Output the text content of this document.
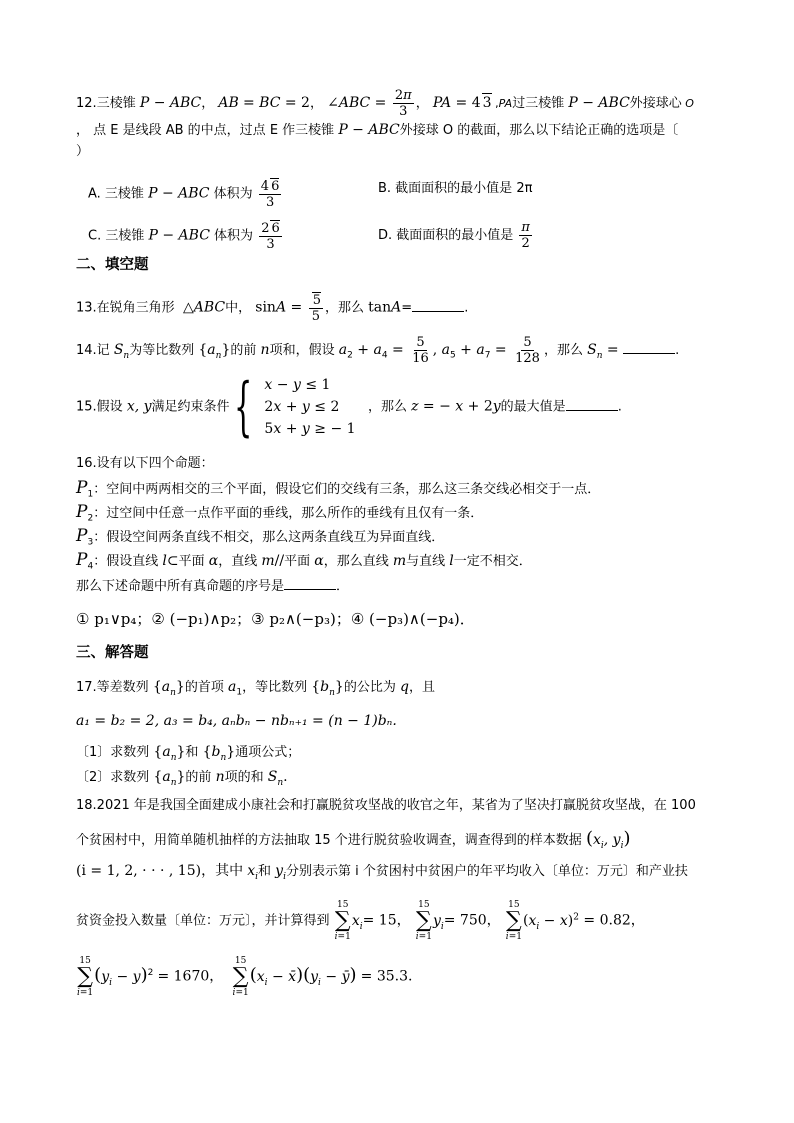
12.三棱锥 P − ABC， AB = BC = 2， ∠ABC = $\frac{2\pi}{3}$ ， PA = 4 3 ,PA过三棱锥 P − ABC外接球心 O
， 点 E 是线段 AB 的中点，过点 E 作三棱锥 P − ABC外接球 O 的截面，那么以下结论正确的选项是〔
）
A. 三棱锥 P − ABC 体积为 $\frac{4 6}{3}$	B. 截面面积的最小值是 2π
C. 三棱锥 P − ABC 体积为 $\frac{2 6}{3}$	D. 截面面积的最小值是 $\frac{\pi}{2}$
二、填空题
13.在锐角三角形 △ABC中， $\sin A = \frac{5}{5}$ ，那么 tanA=	.
14.记 $S_n$为等比数列 $\{a_n\}$的前 n项和，假设 $a_2 + a_4 = \frac{5}{16}$ , $a_5 + a_7 = \frac{5}{128}$ ，那么 $S_n$ =	.
15.假设 x, y满足约束条件 { x − y ≤ 1
2x + y ≤ 2
5x + y ≥ − 1
，那么 z = − x + 2y的最大值是	.
16.设有以下四个命题：
$P_1$：空间中两两相交的三个平面，假设它们的交线有三条，那么这三条交线必相交于一点．
$P_2$：过空间中任意一点作平面的垂线，那么所作的垂线有且仅有一条．
$P_3$：假设空间两条直线不相交，那么这两条直线互为异面直线．
$P_4$：假设直线 l⊂平面 α，直线 m//平面 α，那么直线 m与直线 l一定不相交．
那么下述命题中所有真命题的序号是	．
① p₁∨p₄；② (−p₁)∧p₂；③ p₂∧(−p₃)；④ (−p₃)∧(−p₄)．
三、解答题
17.等差数列 $\{a_n\}$的首项 $a_1$，等比数列 $\{b_n\}$的公比为 q，且
a₁ = b₂ = 2, a₃ = b₄, aₙbₙ − nbₙ₊₁ = (n − 1)bₙ.
〔1〕求数列 $\{a_n\}$和 $\{b_n\}$通项公式；
〔2〕求数列 $\{a_n\}$的前 n项的和 $S_n$.
18.2021 年是我国全面建成小康社会和打赢脱贫攻坚战的收官之年，某省为了坚决打赢脱贫攻坚战，在 100
个贫困村中，用简单随机抽样的方法抽取 15 个进行脱贫验收调查，调查得到的样本数据 ($x_i$, $y_i$)
(i = 1, 2, · · · , 15)，其中 $x_i$和 $y_i$分别表示第 i 个贫困村中贫困户的年平均收入〔单位：万元〕和产业扶
贫资金投入数量〔单位：万元〕，并计算得到
15
∑
i=1
$x_i= 15$，
15
∑
i=1
$y_i= 750$，
15
∑
i=1
$(x_i - x)^2 = 0.82$，
15
∑
i=1
$(y_i - y)^2 = 1670$，
15
∑
i=1
($x_i$ − $x̄)(y_i$ − ȳ) = 35.3.
